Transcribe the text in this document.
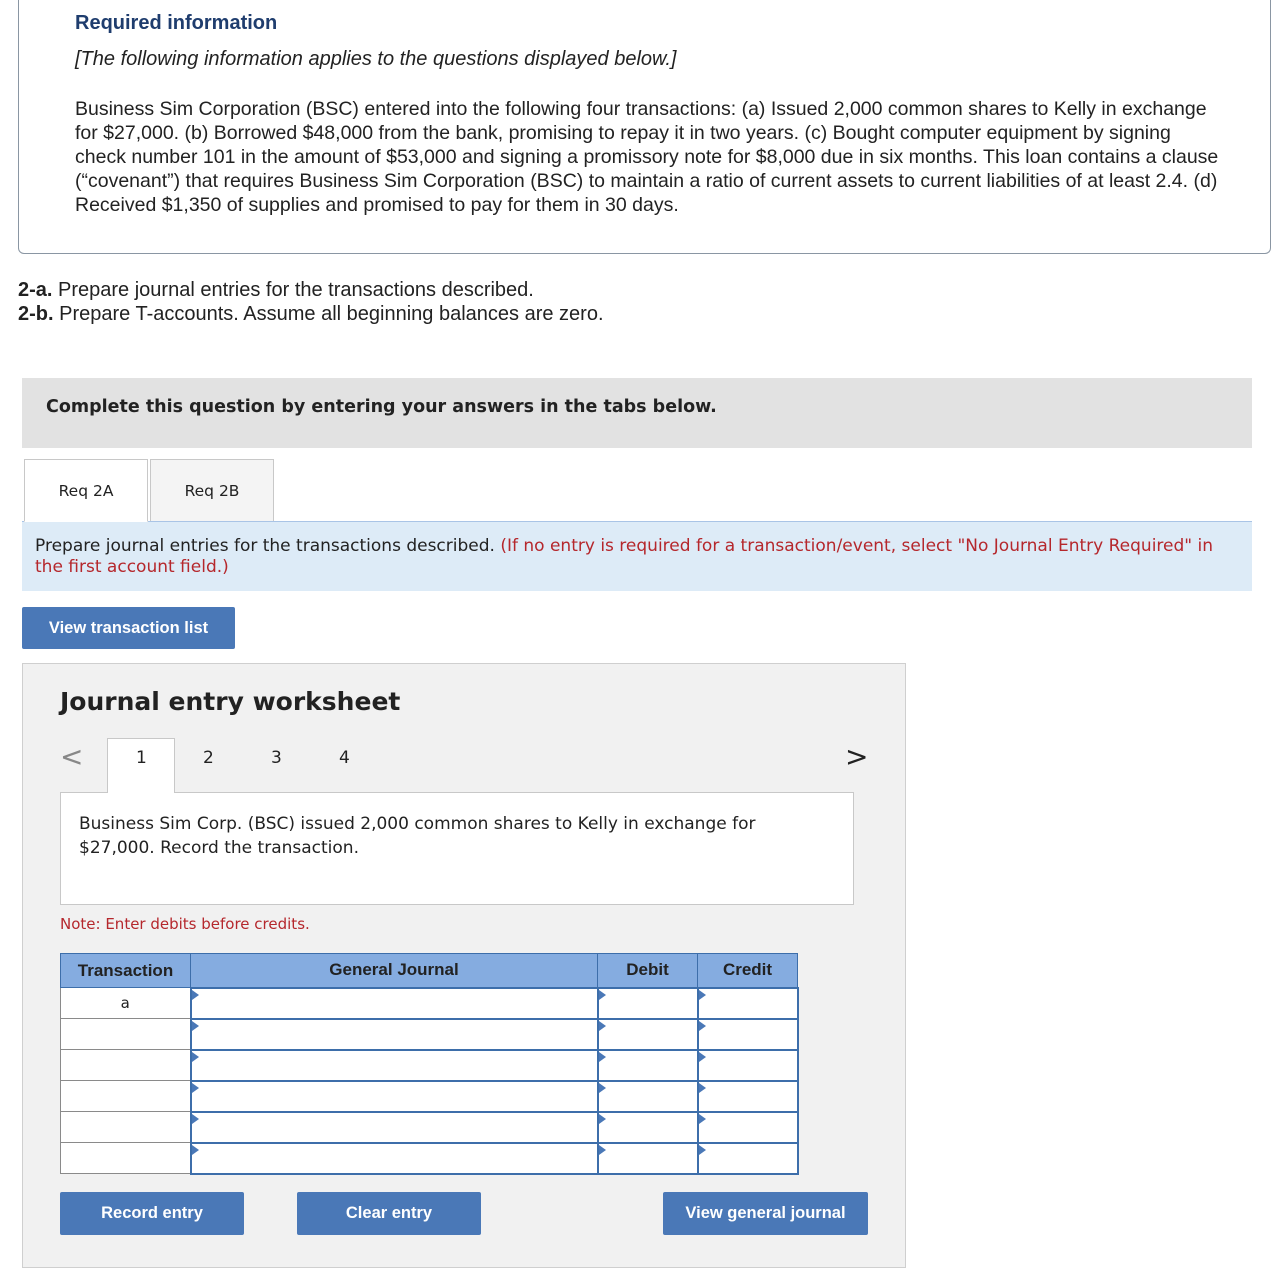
Required information
[The following information applies to the questions displayed below.]
Business Sim Corporation (BSC) entered into the following four transactions: (a) Issued 2,000 common shares to Kelly in exchange for $27,000. (b) Borrowed $48,000 from the bank, promising to repay it in two years. (c) Bought computer equipment by signing check number 101 in the amount of $53,000 and signing a promissory note for $8,000 due in six months. This loan contains a clause (“covenant”) that requires Business Sim Corporation (BSC) to maintain a ratio of current assets to current liabilities of at least 2.4. (d) Received $1,350 of supplies and promised to pay for them in 30 days.
2-a. Prepare journal entries for the transactions described.
2-b. Prepare T-accounts. Assume all beginning balances are zero.
Complete this question by entering your answers in the tabs below.
Req 2A	Req 2B

Prepare journal entries for the transactions described. (If no entry is required for a transaction/event, select "No Journal Entry Required" in the first account field.)

View transaction list
Journal entry worksheet
<	1	2	3	4	>

Business Sim Corp. (BSC) issued 2,000 common shares to Kelly in exchange for $27,000. Record the transaction.

Note: Enter debits before credits.
Transaction	General Journal	Debit	Credit
a			

Record entry	Clear entry	View general journal
